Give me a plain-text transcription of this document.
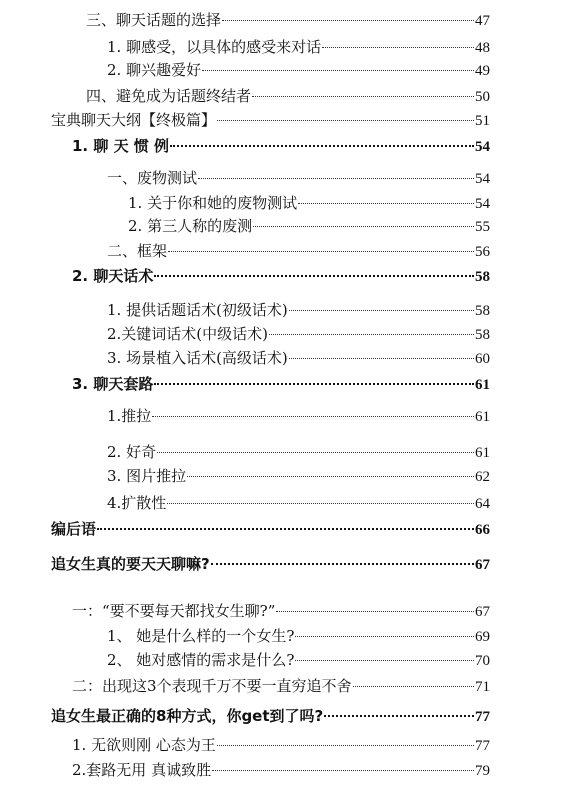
三、聊天话题的选择	47
1. 聊感受，以具体的感受来对话	48
2. 聊兴趣爱好	49
四、避免成为话题终结者	50
宝典聊天大纲【终极篇】	51
1. 聊 天 惯 例	54
一、废物测试	54
1. 关于你和她的废物测试	54
2. 第三人称的废测	55
二、框架	56
2. 聊天话术	58
1. 提供话题话术(初级话术)	58
2.关键词话术(中级话术)	58
3. 场景植入话术(高级话术)	60
3. 聊天套路	61
1.推拉	61
2. 好奇	61
3. 图片推拉	62
4.扩散性	64
编后语	66
追女生真的要天天聊嘛?	67
一：“要不要每天都找女生聊?”	67
1、 她是什么样的一个女生?	69
2、 她对感情的需求是什么?	70
二：出现这3个表现千万不要一直穷追不舍	71
追女生最正确的8种方式，你get到了吗?	77
1. 无欲则刚 心态为王	77
2.套路无用 真诚致胜	79
